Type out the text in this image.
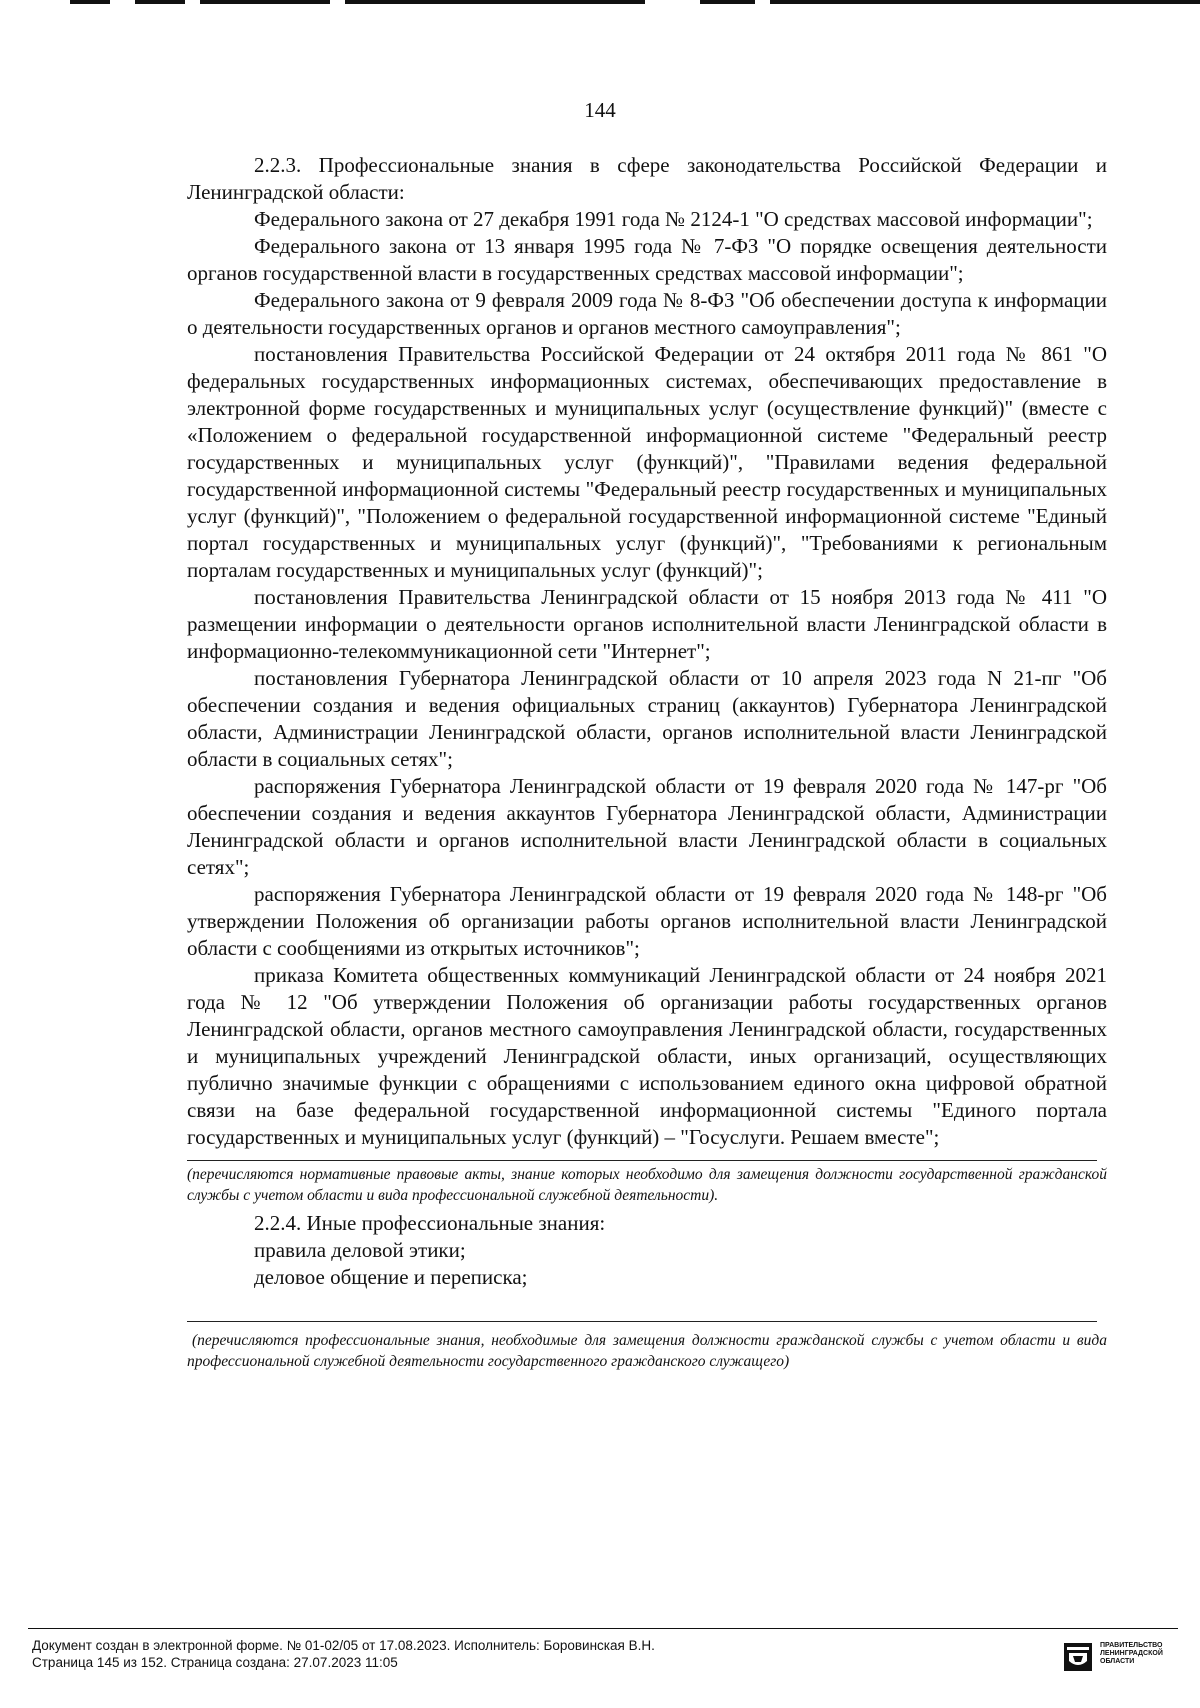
144

2.2.3. Профессиональные знания в сфере законодательства Российской Федерации и Ленинградской области:

Федерального закона от 27 декабря 1991 года № 2124-1 "О средствах массовой информации";

Федерального закона от 13 января 1995 года № 7-ФЗ "О порядке освещения деятельности органов государственной власти в государственных средствах массовой информации";

Федерального закона от 9 февраля 2009 года № 8-ФЗ "Об обеспечении доступа к информации о деятельности государственных органов и органов местного самоуправления";

постановления Правительства Российской Федерации от 24 октября 2011 года № 861 "О федеральных государственных информационных системах, обеспечивающих предоставление в электронной форме государственных и муниципальных услуг (осуществление функций)" (вместе с «Положением о федеральной государственной информационной системе "Федеральный реестр государственных и муниципальных услуг (функций)", "Правилами ведения федеральной государственной информационной системы "Федеральный реестр государственных и муниципальных услуг (функций)", "Положением о федеральной государственной информационной системе "Единый портал государственных и муниципальных услуг (функций)", "Требованиями к региональным порталам государственных и муниципальных услуг (функций)";

постановления Правительства Ленинградской области от 15 ноября 2013 года № 411 "О размещении информации о деятельности органов исполнительной власти Ленинградской области в информационно-телекоммуникационной сети "Интернет";

постановления Губернатора Ленинградской области от 10 апреля 2023 года N 21-пг "Об обеспечении создания и ведения официальных страниц (аккаунтов) Губернатора Ленинградской области, Администрации Ленинградской области, органов исполнительной власти Ленинградской области в социальных сетях";

распоряжения Губернатора Ленинградской области от 19 февраля 2020 года № 147-рг "Об обеспечении создания и ведения аккаунтов Губернатора Ленинградской области, Администрации Ленинградской области и органов исполнительной власти Ленинградской области в социальных сетях";

распоряжения Губернатора Ленинградской области от 19 февраля 2020 года № 148-рг "Об утверждении Положения об организации работы органов исполнительной власти Ленинградской области с сообщениями из открытых источников";

приказа Комитета общественных коммуникаций Ленинградской области от 24 ноября 2021 года № 12 "Об утверждении Положения об организации работы государственных органов Ленинградской области, органов местного самоуправления Ленинградской области, государственных и муниципальных учреждений Ленинградской области, иных организаций, осуществляющих публично значимые функции с обращениями с использованием единого окна цифровой обратной связи на базе федеральной государственной информационной системы "Единого портала государственных и муниципальных услуг (функций) – "Госуслуги. Решаем вместе";

(перечисляются нормативные правовые акты, знание которых необходимо для замещения должности государственной гражданской службы с учетом области и вида профессиональной служебной деятельности).

2.2.4. Иные профессиональные знания:

правила деловой этики;

деловое общение и переписка;

(перечисляются профессиональные знания, необходимые для замещения должности гражданской службы с учетом области и вида профессиональной служебной деятельности государственного гражданского служащего)

Документ создан в электронной форме. № 01-02/05 от 17.08.2023. Исполнитель: Боровинская В.Н.
Страница 145 из 152. Страница создана: 27.07.2023 11:05
ПРАВИТЕЛЬСТВО
ЛЕНИНГРАДСКОЙ
ОБЛАСТИ
